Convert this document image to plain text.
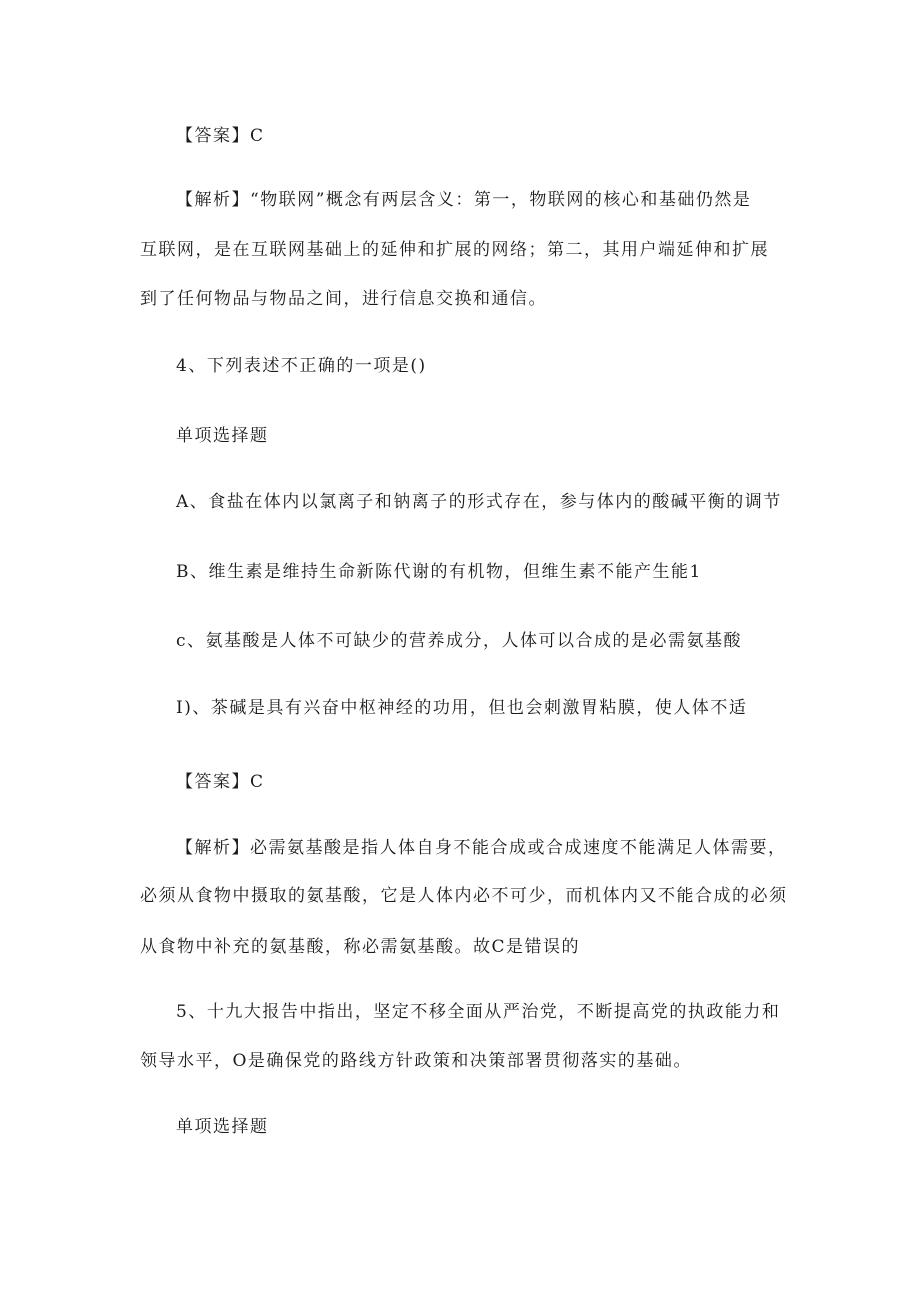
【答案】C
【解析】“物联网”概念有两层含义：第一，物联网的核心和基础仍然是
互联网，是在互联网基础上的延伸和扩展的网络；第二，其用户端延伸和扩展
到了任何物品与物品之间，进行信息交换和通信。
4、下列表述不正确的一项是()
单项选择题
A、食盐在体内以氯离子和钠离子的形式存在，参与体内的酸碱平衡的调节
B、维生素是维持生命新陈代谢的有机物，但维生素不能产生能1
c、氨基酸是人体不可缺少的营养成分，人体可以合成的是必需氨基酸
I)、茶碱是具有兴奋中枢神经的功用，但也会刺激胃粘膜，使人体不适
【答案】C
【解析】必需氨基酸是指人体自身不能合成或合成速度不能满足人体需要，
必须从食物中摄取的氨基酸，它是人体内必不可少，而机体内又不能合成的必须
从食物中补充的氨基酸，称必需氨基酸。故C是错误的
5、十九大报告中指出，坚定不移全面从严治党，不断提高党的执政能力和
领导水平，O是确保党的路线方针政策和决策部署贯彻落实的基础。
单项选择题
